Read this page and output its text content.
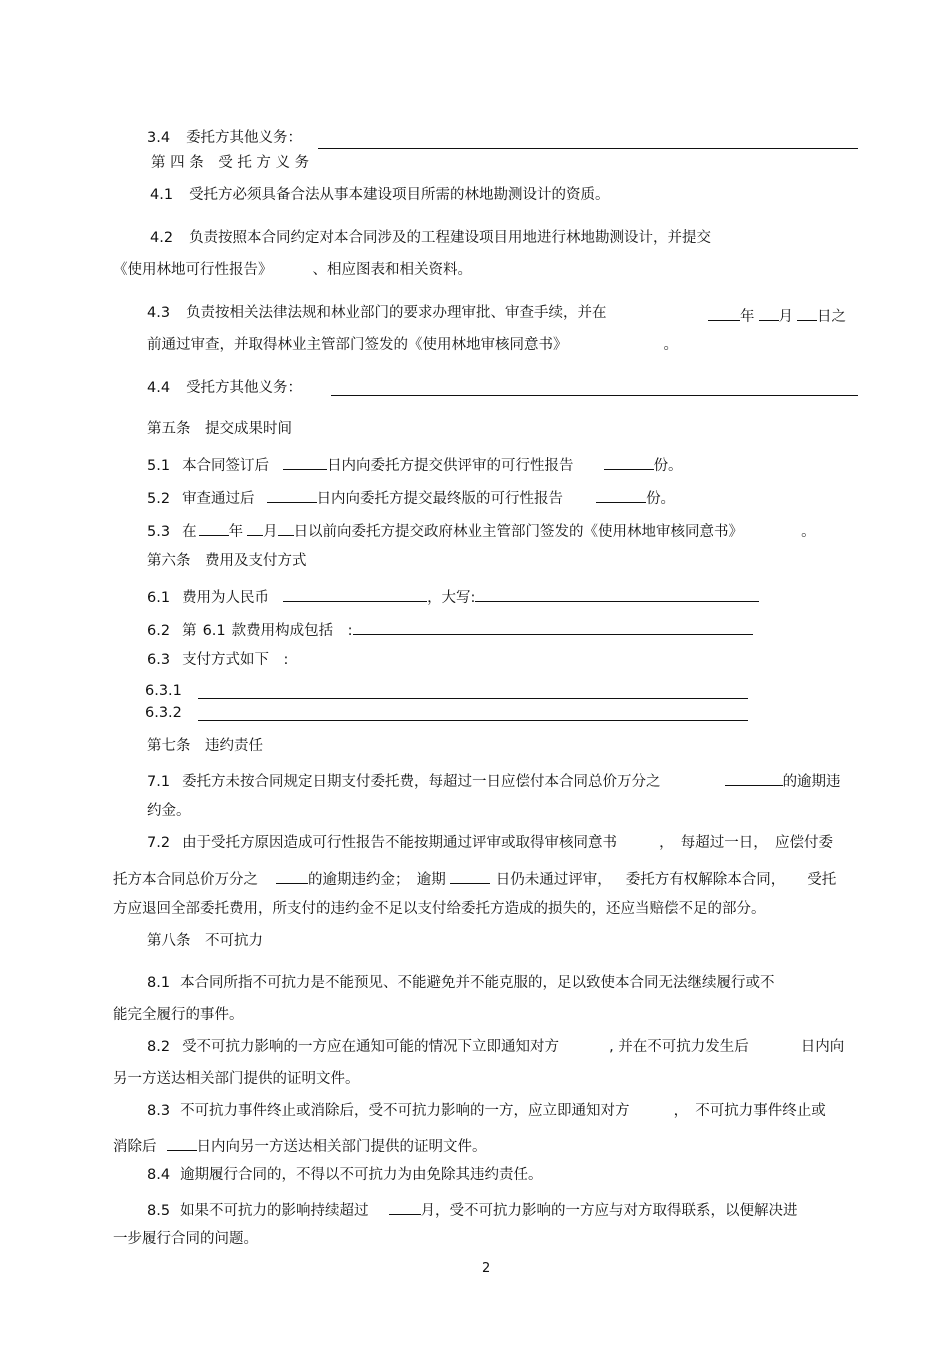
3.4 委托方其他义务：
第 四 条　受 托 方 义 务
4.1 受托方必须具备合法从事本建设项目所需的林地勘测设计的资质。
4.2 负责按照本合同约定对本合同涉及的工程建设项目用地进行林地勘测设计，并提交
《使用林地可行性报告》	、相应图表和相关资料。
4.3 负责按相关法律法规和林业部门的要求办理审批、审查手续，并在	年 月 日之
前通过审查，并取得林业主管部门签发的《使用林地审核同意书》	。
4.4 受托方其他义务：
第五条　提交成果时间
5.1 本合同签订后	日内向委托方提交供评审的可行性报告	份。
5.2 审查通过后	日内向委托方提交最终版的可行性报告	份。
5.3 在 年 月 日以前向委托方提交政府林业主管部门签发的《使用林地审核同意书》	。
第六条　费用及支付方式
6.1 费用为人民币	，大写:
6.2 第 6.1 款费用构成包括　:
6.3 支付方式如下　:
6.3.1
6.3.2
第七条　违约责任
7.1 委托方未按合同规定日期支付委托费，每超过一日应偿付本合同总价万分之	的逾期违
约金。
7.2 由于受托方原因造成可行性报告不能按期通过评审或取得审核同意书	，　每超过一日，　应偿付委
托方本合同总价万分之	的逾期违约金；　逾期	日仍未通过评审， 委托方有权解除本合同， 受托
方应退回全部委托费用，所支付的违约金不足以支付给委托方造成的损失的，还应当赔偿不足的部分。
第八条　不可抗力
8.1 本合同所指不可抗力是不能预见、不能避免并不能克服的，足以致使本合同无法继续履行或不
能完全履行的事件。
8.2 受不可抗力影响的一方应在通知可能的情况下立即通知对方	, 并在不可抗力发生后	日内向
另一方送达相关部门提供的证明文件。
8.3 不可抗力事件终止或消除后，受不可抗力影响的一方，应立即通知对方	，　不可抗力事件终止或
消除后	日内向另一方送达相关部门提供的证明文件。
8.4 逾期履行合同的，不得以不可抗力为由免除其违约责任。
8.5 如果不可抗力的影响持续超过	月，受不可抗力影响的一方应与对方取得联系，以便解决进
一步履行合同的问题。
2
